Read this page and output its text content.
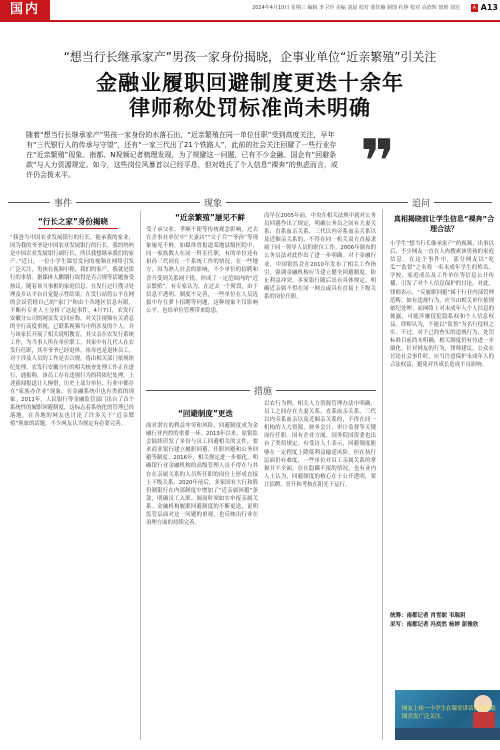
国内	2024年4月10日 星期三 编辑 李卫玲 美编 刘晨 校对 黄钰楠 制图 杜铮 校对 高欣辉 值班 刘达	A A13
“想当行长继承家产”男孩一家身份揭晓，企事业单位“近亲繁殖”引关注
金融业履职回避制度更迭十余年
律师称处罚标准尚未明确
随着“想当行长继承家产”男孩一家身份的水落石出，“近亲繁殖在同一单位任职”受到高度关注，早年有“三代银行人的传承与守望”，还有“一家三代出了21个铁路人”，此前的社会关注回避了一些行业存在“近亲繁殖”现象。南都、N视频记者梳理发现，为了规避这一问题，已有不少金融、国企有“回避条款”与人力资源规定。如今，这些岗位风暴首以已经平息，但对姓氏了个人信息“裸奔”的焦虑而言，或许仍会拨未平。	❞
事件	现象	追问
“行长之家”身份揭晓
“我爸当中国农业发展银行的行长，能承我的家业，因为我的爷爷是中国农业发展银行的行长。我的妈妈是中国农业发展银行副行长，所以我想继承我们的家产。”近日，一位小学生课堂发问的视频在网络引发广泛关注，男孩在视频中称，我们的家产，我就是银行的事情。据媒体人鹏钢行取得是否合规等话题备受热议。随着该当事相的家庭信息，在发行过行搜寻处理及乡认平台自觉提示性结果。在发行站将公平在网的会议管辖自己的“家门”和由于各地区信息有限，不断有专业人士分析了这起事件。4月7日，农发行安徽分公司的网页发文回应称，对关注视频有关消息的全行高度重视，已联系视频当中所涉及的个人，并与该家长开展了相关说明教育。其父亲在农发行系统工作，为当事人所在单位职工，其家中有几代人在农发行任职，其中爷爷已经退休，祖母也是退休员工。对于涉及人员的工作是否合规，将由相关部门依规依纪处理。农发行安徽分行的相关核查处理工作正在进行，通报称，该员工存在违规行为的将依纪处理。上述新闻报道让人惋惜，历史上部分单位、行业中都存在“家族办企业”现象，在金融系统中也有类似的现象。2011年，人民银行等金融监管部门出台了首个系统性的履职回避制度，这标志着系统化的管理已经落地。在各地的网友也讨论了许多关于“近亲繁殖”现象的话题，不少网友认为规定有必要完善。
“近亲繁殖”屡见不鲜
受子承父业、孝顺不便等传统观念影响，过去在企事业单位中“夫妻店”“父子兵”“爷孙”等现象屡见不鲜，如媒体曾报道某地县级医院中，同一家族数人在同一科室任职，有的单位还有祖孙三代同在一个系统工作的情况。在一些地方，因为熟人社会的影响，不少单位的招聘和晋升受到关系网干扰，形成了一定范围内的“近亲繁殖”。有专家认为，在过去一个阶段，由于信息不透明、制度不完善，一些单位在人员选拔中存在萝卜招聘等问题，这种现象不仅影响公平，也给单位管理带来隐患。
而早在2005年前，中央在相关法规中就对公务员回避作出了规定，明确公务员之间有夫妻关系、直系血亲关系、三代以内旁系血亲关系以及近姻亲关系的，不得在同一机关双方直接隶属于同一领导人员的职位工作。2006年颁布的公务员法对此作出了进一步明确。对于金融行业，中国银监会在2010年发布了相关工作指引，强调金融机构应当建立健全回避制度，防止利益冲突。多家银行随后出台具体规定，明确近亲属不得在同一网点或具有直接上下级关系的岗位任职。
措施
“回避制度”更迭
面对潜在的利益冲突和风险，回避制度成为金融行业内控的重要一环。2013年以来，原银监会陆续印发了多份与员工回避相关的文件，要求商业银行建立履职回避、任职回避和公务回避等制度。2016年，相关规定进一步细化，明确银行业金融机构的高级管理人员不得在与其存在亲属关系的人员所任职的岗位上形成直接上下级关系。2020年前后，多家国有大行和股份制银行在内部制度中增加了“近亲属回避”条款，明确员工入职、调岗时须如实申报亲属关系。金融机构履职回避制度的不断更迭，说明监管层面对这一问题的重视，也反映出行业在治理方面的持续完善。
以农行为例，相关人力资源管理办法中明确，员工之间存在夫妻关系、直系血亲关系、三代以内旁系血亲以及近姻亲关系的，不得在同一机构的人力资源、财务会计、审计监督等关键岗位任职。国有企业方面，国务院国资委也出台了类似规定。有受访人士表示，回避制度能够在一定程度上降低利益输送风险，但在执行层面仍有难度，一些单位对员工亲属关系的掌握并不全面，存在隐瞒不报的情况。也有业内人士认为，回避制度的核心在于公开透明，要让招聘、晋升和考核在阳光下运行。
真相揭晓前让学生信息“裸奔”合理合法？
小学生“想当行长继承家产”的视频，出事以后，不少网友一直在人肉搜索该男孩的家庭信息。在这个事件中，部分网友以“吃瓜”“监督”之名将一名未成年学生的姓名、学校、家庭成员及工作单位等信息公开传播，引发了对个人信息保护的讨论。对此，律师表示，“反履职回避”属于行业内部管理范畴，如有违规行为，应当由相关单位依规依纪处理；而网络上对未成年人个人信息的披露，可能涉嫌侵犯隐私权和个人信息权益。律师认为，不能以“监督”为名行侵权之实。不过，对于已经查实的违规行为，处罚标准目前尚未明确，相关制度仍有待进一步细化。针对网友的行为，律师建议，公众在讨论社会事件时，应当注意保护未成年人的合法权益，避免对其成长造成不良影响。
统筹：南都记者 肖雪妮 韦瑞玥
采写：南都记者 冯奕然 杨婷 彭雅欣
网友上传一小学生在课堂讲话的视频截图引发广泛关注。
